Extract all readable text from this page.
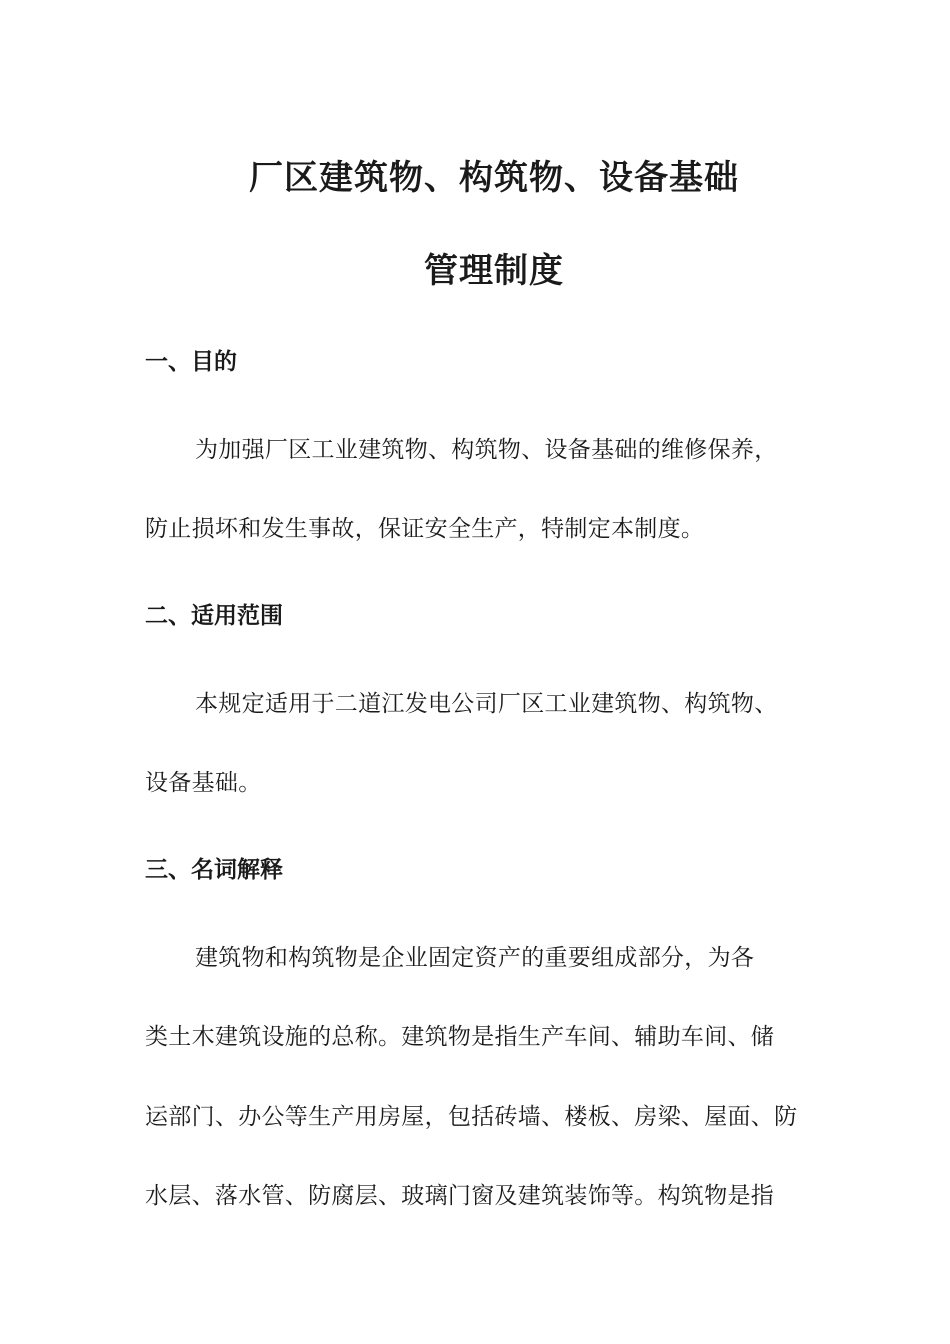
厂区建筑物、构筑物、设备基础
管理制度
一、目的

为加强厂区工业建筑物、构筑物、设备基础的维修保养，

防止损坏和发生事故，保证安全生产，特制定本制度。

二、适用范围

本规定适用于二道江发电公司厂区工业建筑物、构筑物、

设备基础。

三、名词解释

建筑物和构筑物是企业固定资产的重要组成部分，为各

类土木建筑设施的总称。建筑物是指生产车间、辅助车间、储

运部门、办公等生产用房屋，包括砖墙、楼板、房梁、屋面、防

水层、落水管、防腐层、玻璃门窗及建筑装饰等。构筑物是指
